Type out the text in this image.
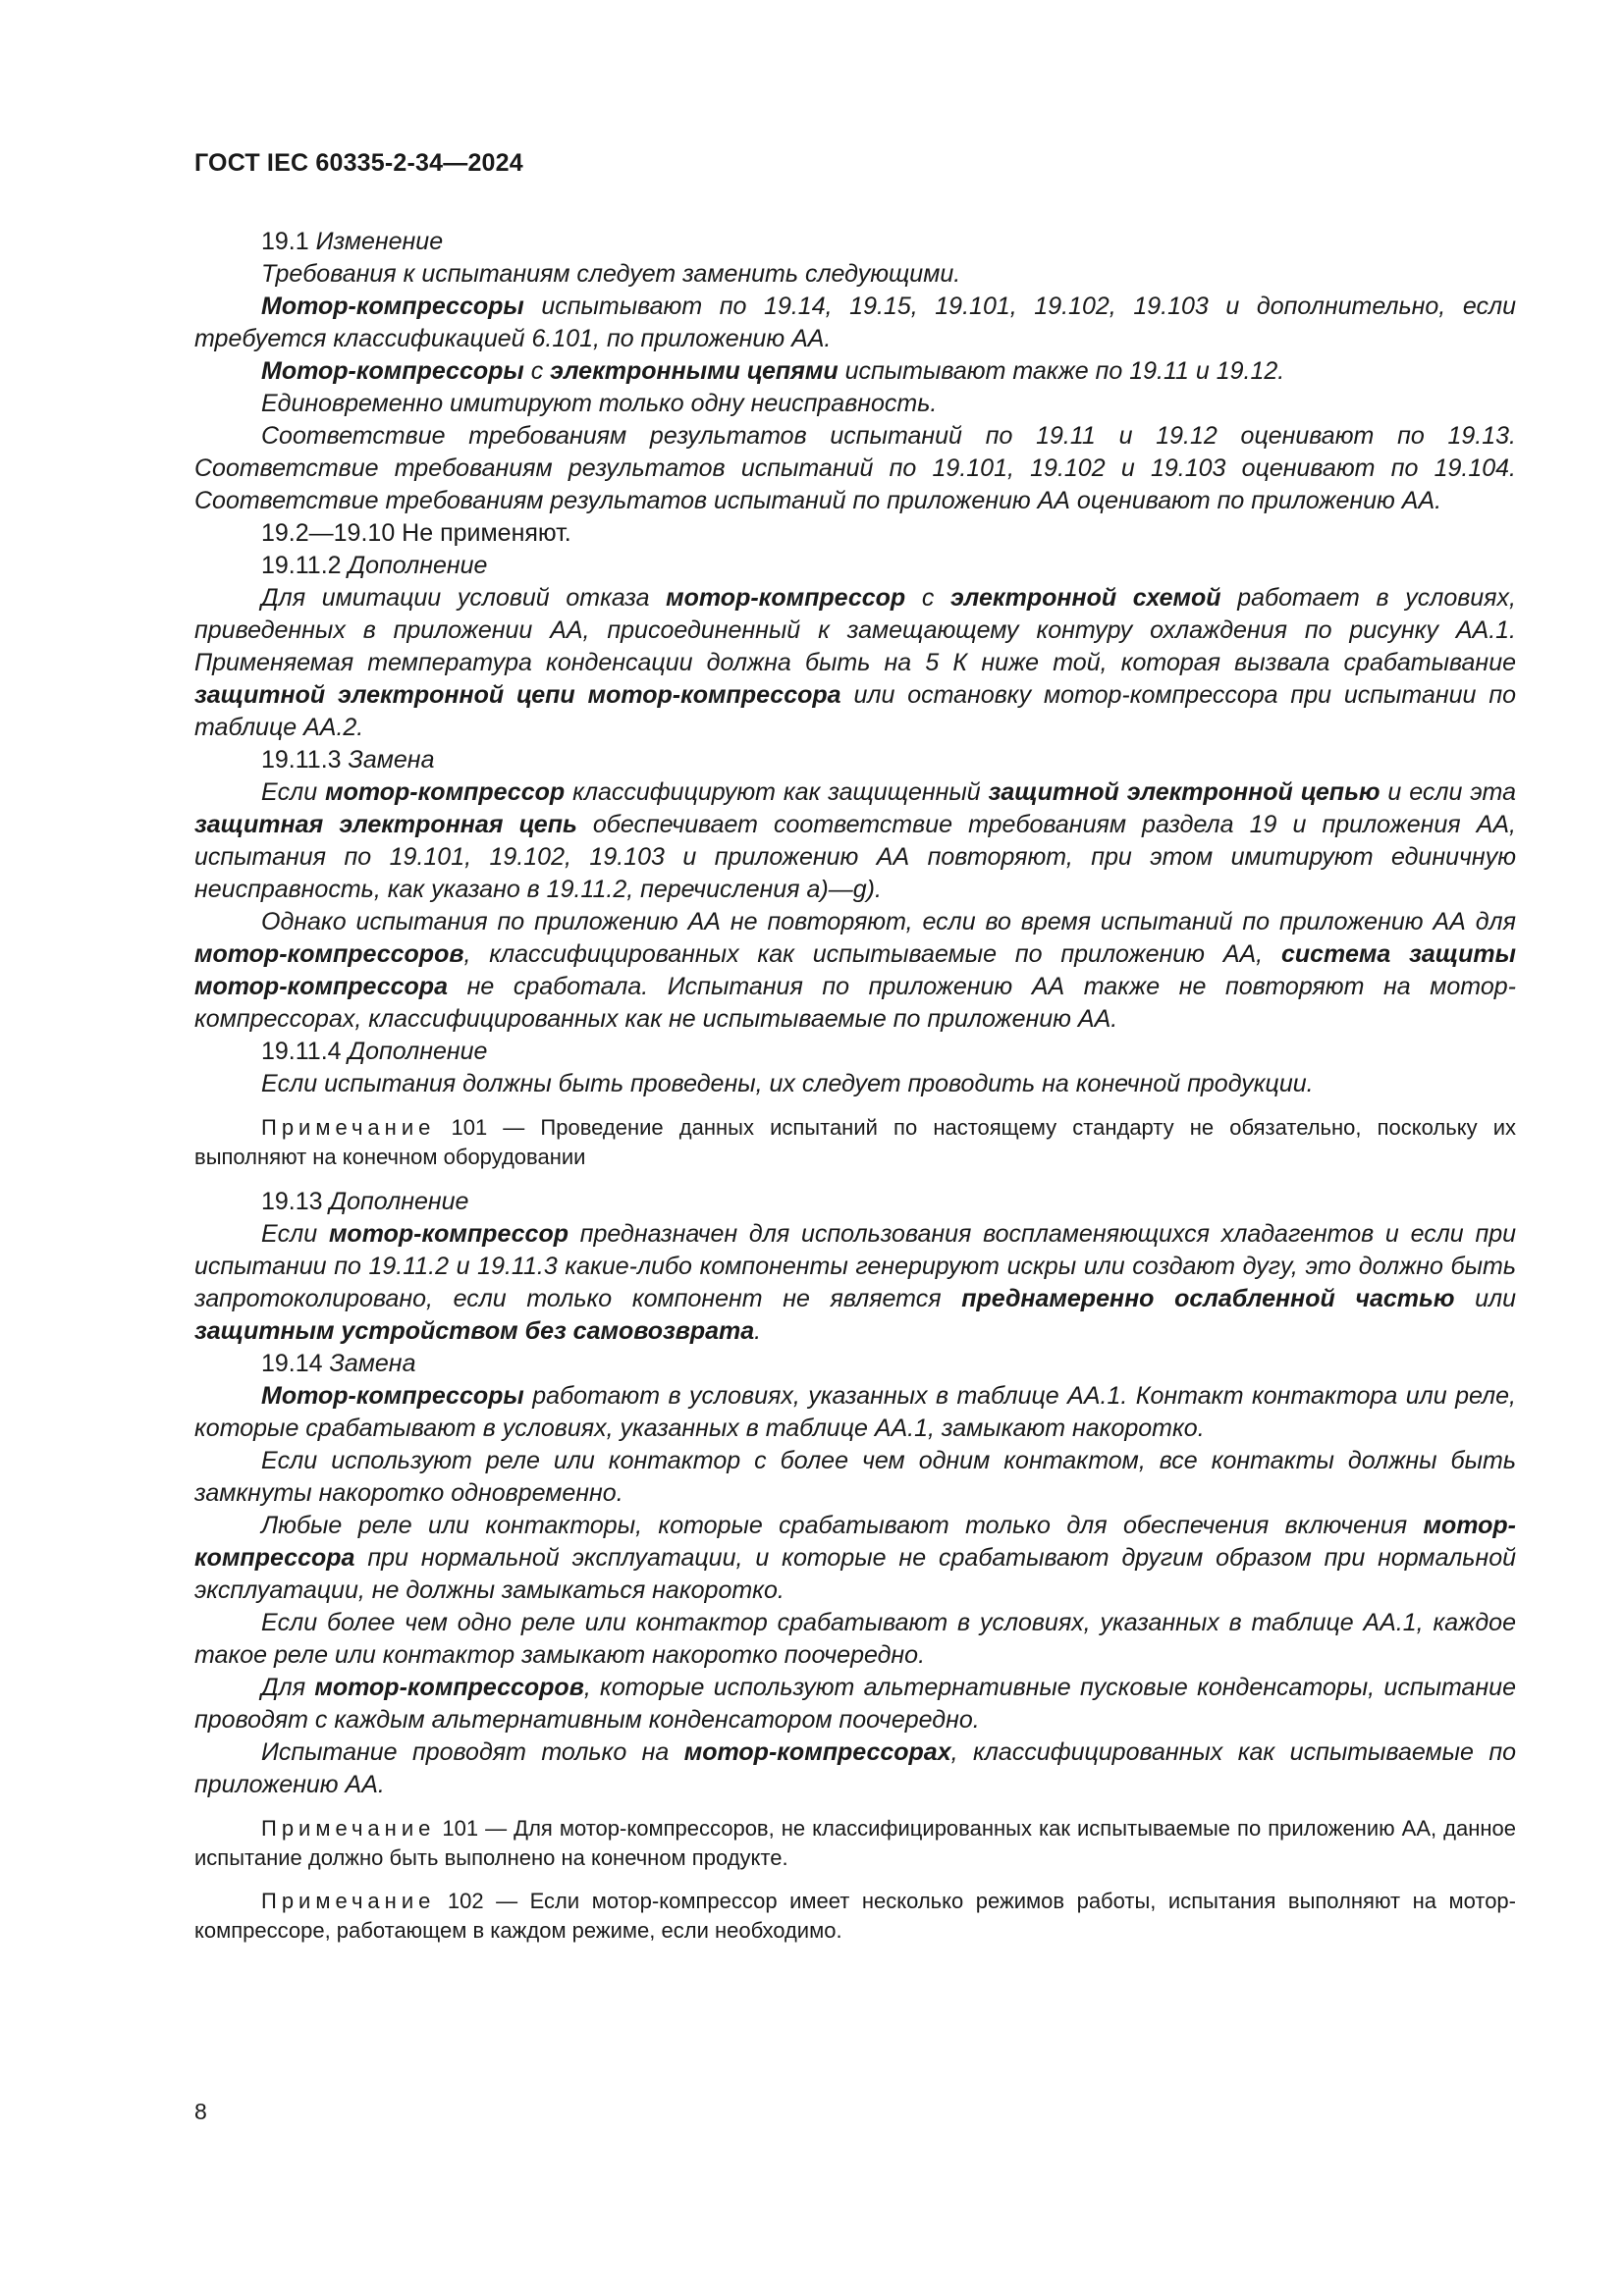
ГОСТ IEC 60335-2-34—2024

19.1 Изменение

Требования к испытаниям следует заменить следующими.

Мотор-компрессоры испытывают по 19.14, 19.15, 19.101, 19.102, 19.103 и дополнительно, если требуется классификацией 6.101, по приложению АА.

Мотор-компрессоры с электронными цепями испытывают также по 19.11 и 19.12.

Единовременно имитируют только одну неисправность.

Соответствие требованиям результатов испытаний по 19.11 и 19.12 оценивают по 19.13. Соответствие требованиям результатов испытаний по 19.101, 19.102 и 19.103 оценивают по 19.104. Соответствие требованиям результатов испытаний по приложению АА оценивают по приложению АА.

19.2—19.10 Не применяют.

19.11.2 Дополнение

Для имитации условий отказа мотор-компрессор с электронной схемой работает в условиях, приведенных в приложении АА, присоединенный к замещающему контуру охлаждения по рисунку АА.1. Применяемая температура конденсации должна быть на 5 К ниже той, которая вызвала срабатывание защитной электронной цепи мотор-компрессора или остановку мотор-компрессора при испытании по таблице АА.2.

19.11.3 Замена

Если мотор-компрессор классифицируют как защищенный защитной электронной цепью и если эта защитная электронная цепь обеспечивает соответствие требованиям раздела 19 и приложения АА, испытания по 19.101, 19.102, 19.103 и приложению АА повторяют, при этом имитируют единичную неисправность, как указано в 19.11.2, перечисления a)—g).

Однако испытания по приложению АА не повторяют, если во время испытаний по приложению АА для мотор-компрессоров, классифицированных как испытываемые по приложению АА, система защиты мотор-компрессора не сработала. Испытания по приложению АА также не повторяют на мотор-компрессорах, классифицированных как не испытываемые по приложению АА.

19.11.4 Дополнение

Если испытания должны быть проведены, их следует проводить на конечной продукции.

Примечание 101 — Проведение данных испытаний по настоящему стандарту не обязательно, поскольку их выполняют на конечном оборудовании

19.13 Дополнение

Если мотор-компрессор предназначен для использования воспламеняющихся хладагентов и если при испытании по 19.11.2 и 19.11.3 какие-либо компоненты генерируют искры или создают дугу, это должно быть запротоколировано, если только компонент не является преднамеренно ослабленной частью или защитным устройством без самовозврата.

19.14 Замена

Мотор-компрессоры работают в условиях, указанных в таблице АА.1. Контакт контактора или реле, которые срабатывают в условиях, указанных в таблице АА.1, замыкают накоротко.

Если используют реле или контактор с более чем одним контактом, все контакты должны быть замкнуты накоротко одновременно.

Любые реле или контакторы, которые срабатывают только для обеспечения включения мотор-компрессора при нормальной эксплуатации, и которые не срабатывают другим образом при нормальной эксплуатации, не должны замыкаться накоротко.

Если более чем одно реле или контактор срабатывают в условиях, указанных в таблице АА.1, каждое такое реле или контактор замыкают накоротко поочередно.

Для мотор-компрессоров, которые используют альтернативные пусковые конденсаторы, испытание проводят с каждым альтернативным конденсатором поочередно.

Испытание проводят только на мотор-компрессорах, классифицированных как испытываемые по приложению АА.

Примечание 101 — Для мотор-компрессоров, не классифицированных как испытываемые по приложению АА, данное испытание должно быть выполнено на конечном продукте.

Примечание 102 — Если мотор-компрессор имеет несколько режимов работы, испытания выполняют на мотор-компрессоре, работающем в каждом режиме, если необходимо.

8
